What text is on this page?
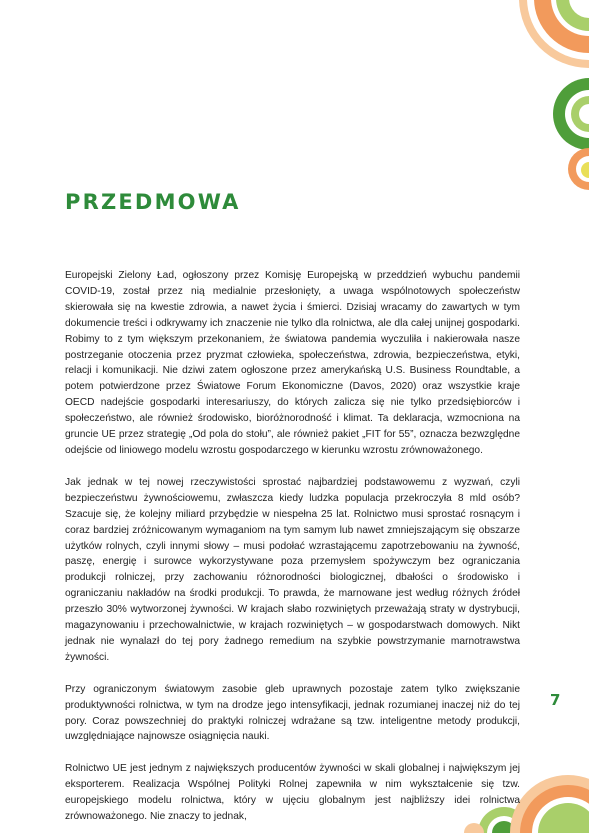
PRZEDMOWA

Europejski Zielony Ład, ogłoszony przez Komisję Europejską w przeddzień wybuchu pandemii COVID-19, został przez nią medialnie przesłonięty, a uwaga wspólnotowych społeczeństw skierowała się na kwestie zdrowia, a nawet życia i śmierci. Dzisiaj wracamy do zawartych w tym dokumencie treści i odkrywamy ich znaczenie nie tylko dla rolnictwa, ale dla całej unijnej gospodarki. Robimy to z tym większym przekonaniem, że światowa pandemia wyczuliła i nakierowała nasze postrzeganie otoczenia przez pryzmat człowieka, społeczeństwa, zdrowia, bezpieczeństwa, etyki, relacji i komunikacji. Nie dziwi zatem ogłoszone przez amerykańską U.S. Business Roundtable, a potem potwierdzone przez Światowe Forum Ekonomiczne (Davos, 2020) oraz wszystkie kraje OECD nadejście gospodarki interesariuszy, do których zalicza się nie tylko przedsiębiorców i społeczeństwo, ale również środowisko, bioróżnorodność i klimat. Ta deklaracja, wzmocniona na gruncie UE przez strategię „Od pola do stołu”, ale również pakiet „FIT for 55”, oznacza bezwzględne odejście od liniowego modelu wzrostu gospodarczego w kierunku wzrostu zrównoważonego.

Jak jednak w tej nowej rzeczywistości sprostać najbardziej podstawowemu z wyzwań, czyli bezpieczeństwu żywnościowemu, zwłaszcza kiedy ludzka populacja przekroczyła 8 mld osób? Szacuje się, że kolejny miliard przybędzie w niespełna 25 lat. Rolnictwo musi sprostać rosnącym i coraz bardziej zróżnicowanym wymaganiom na tym samym lub nawet zmniejszającym się obszarze użytków rolnych, czyli innymi słowy – musi podołać wzrastającemu zapotrzebowaniu na żywność, paszę, energię i surowce wykorzystywane poza przemysłem spożywczym bez ograniczania produkcji rolniczej, przy zachowaniu różnorodności biologicznej, dbałości o środowisko i ograniczaniu nakładów na środki produkcji. To prawda, że marnowane jest według różnych źródeł przeszło 30% wytworzonej żywności. W krajach słabo rozwiniętych przeważają straty w dystrybucji, magazynowaniu i przechowalnictwie, w krajach rozwiniętych – w gospodarstwach domowych. Nikt jednak nie wynalazł do tej pory żadnego remedium na szybkie powstrzymanie marnotrawstwa żywności.

Przy ograniczonym światowym zasobie gleb uprawnych pozostaje zatem tylko zwiększanie produktywności rolnictwa, w tym na drodze jego intensyfikacji, jednak rozumianej inaczej niż do tej pory. Coraz powszechniej do praktyki rolniczej wdrażane są tzw. inteligentne metody produkcji, uwzględniające najnowsze osiągnięcia nauki.

Rolnictwo UE jest jednym z największych producentów żywności w skali globalnej i największym jej eksporterem. Realizacja Wspólnej Polityki Rolnej zapewniła w nim wykształcenie się tzw. europejskiego modelu rolnictwa, który w ujęciu globalnym jest najbliższy idei rolnictwa zrównoważonego. Nie znaczy to jednak,

7
